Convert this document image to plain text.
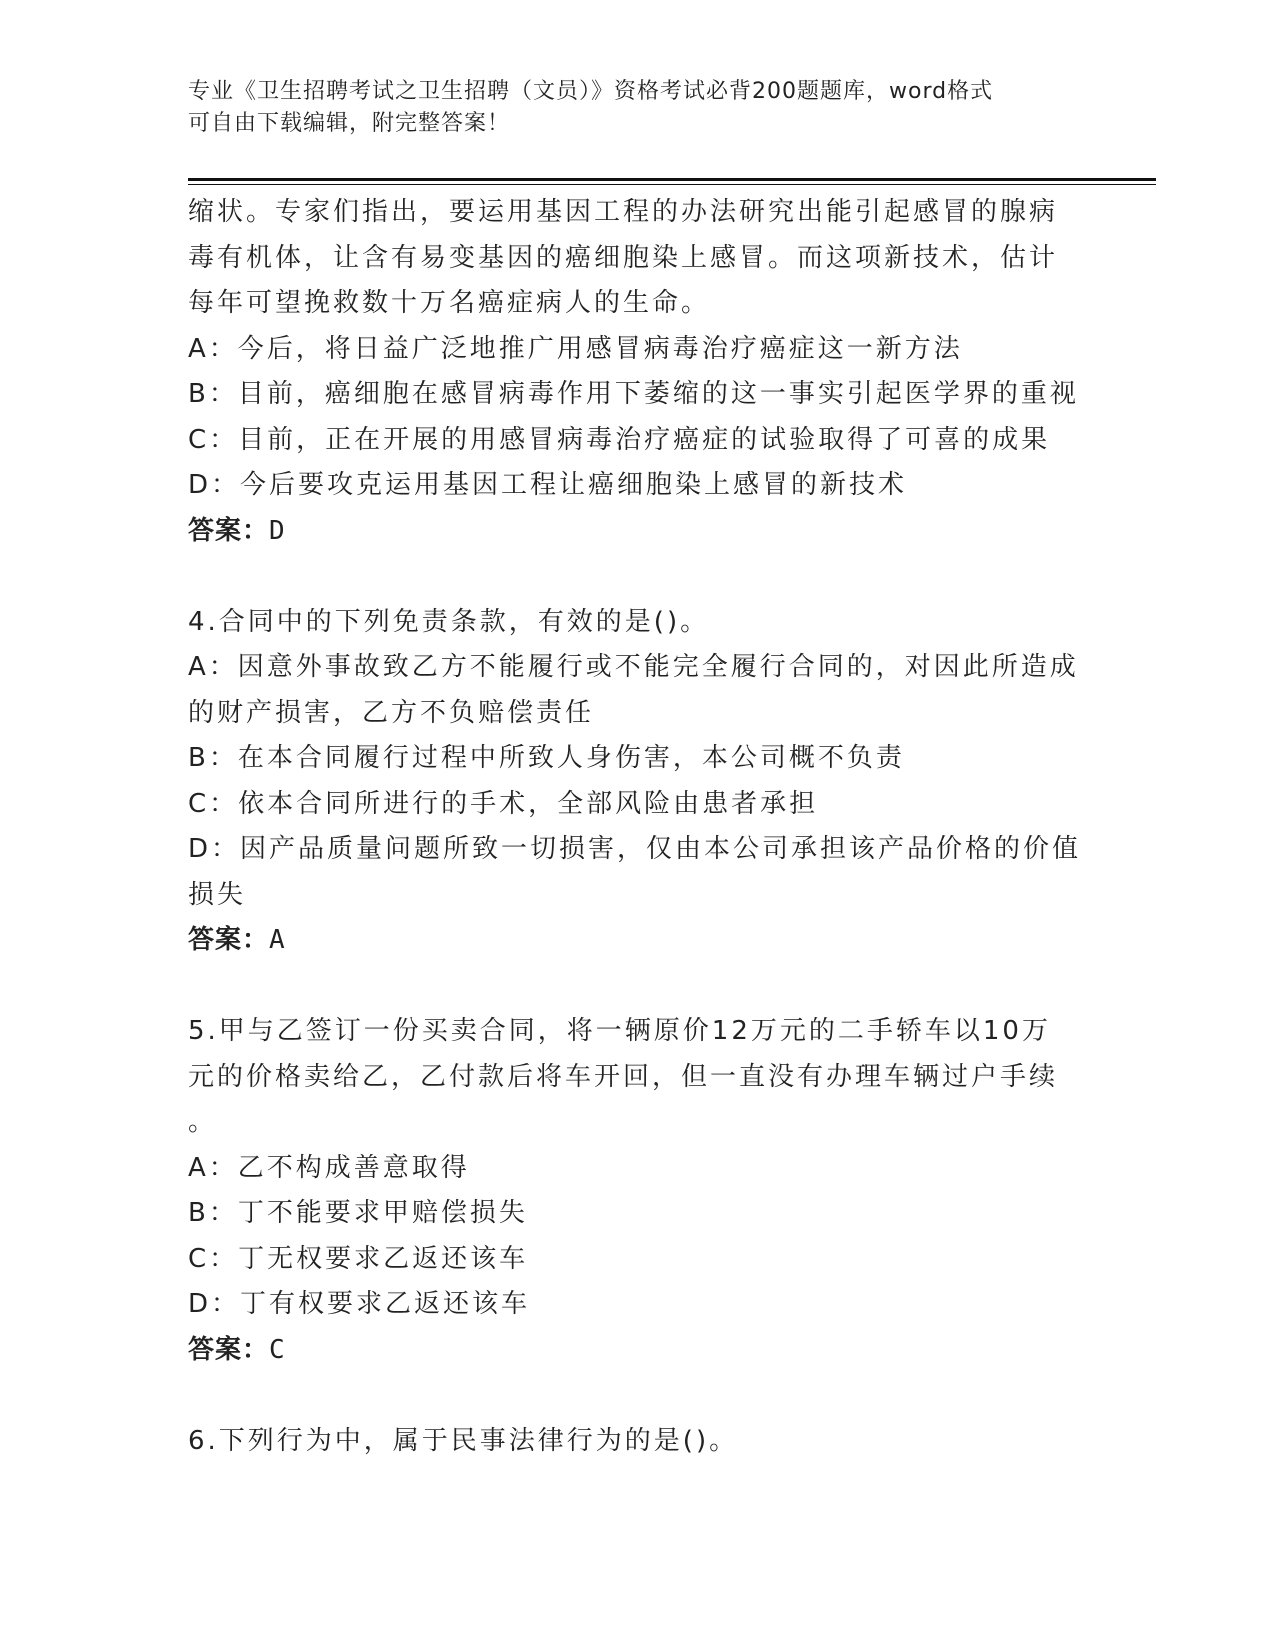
专业《卫生招聘考试之卫生招聘（文员）》资格考试必背200题题库，word格式
可自由下载编辑，附完整答案！
缩状。专家们指出，要运用基因工程的办法研究出能引起感冒的腺病
毒有机体，让含有易变基因的癌细胞染上感冒。而这项新技术，估计
每年可望挽救数十万名癌症病人的生命。
A：今后，将日益广泛地推广用感冒病毒治疗癌症这一新方法
B：目前，癌细胞在感冒病毒作用下萎缩的这一事实引起医学界的重视
C：目前，正在开展的用感冒病毒治疗癌症的试验取得了可喜的成果
D：今后要攻克运用基因工程让癌细胞染上感冒的新技术
答案：D
4.合同中的下列免责条款，有效的是()。
A：因意外事故致乙方不能履行或不能完全履行合同的，对因此所造成
的财产损害，乙方不负赔偿责任
B：在本合同履行过程中所致人身伤害，本公司概不负责
C：依本合同所进行的手术，全部风险由患者承担
D：因产品质量问题所致一切损害，仅由本公司承担该产品价格的价值
损失
答案：A
5.甲与乙签订一份买卖合同，将一辆原价12万元的二手轿车以10万
元的价格卖给乙，乙付款后将车开回，但一直没有办理车辆过户手续
。
A：乙不构成善意取得
B：丁不能要求甲赔偿损失
C：丁无权要求乙返还该车
D：丁有权要求乙返还该车
答案：C
6.下列行为中，属于民事法律行为的是()。
